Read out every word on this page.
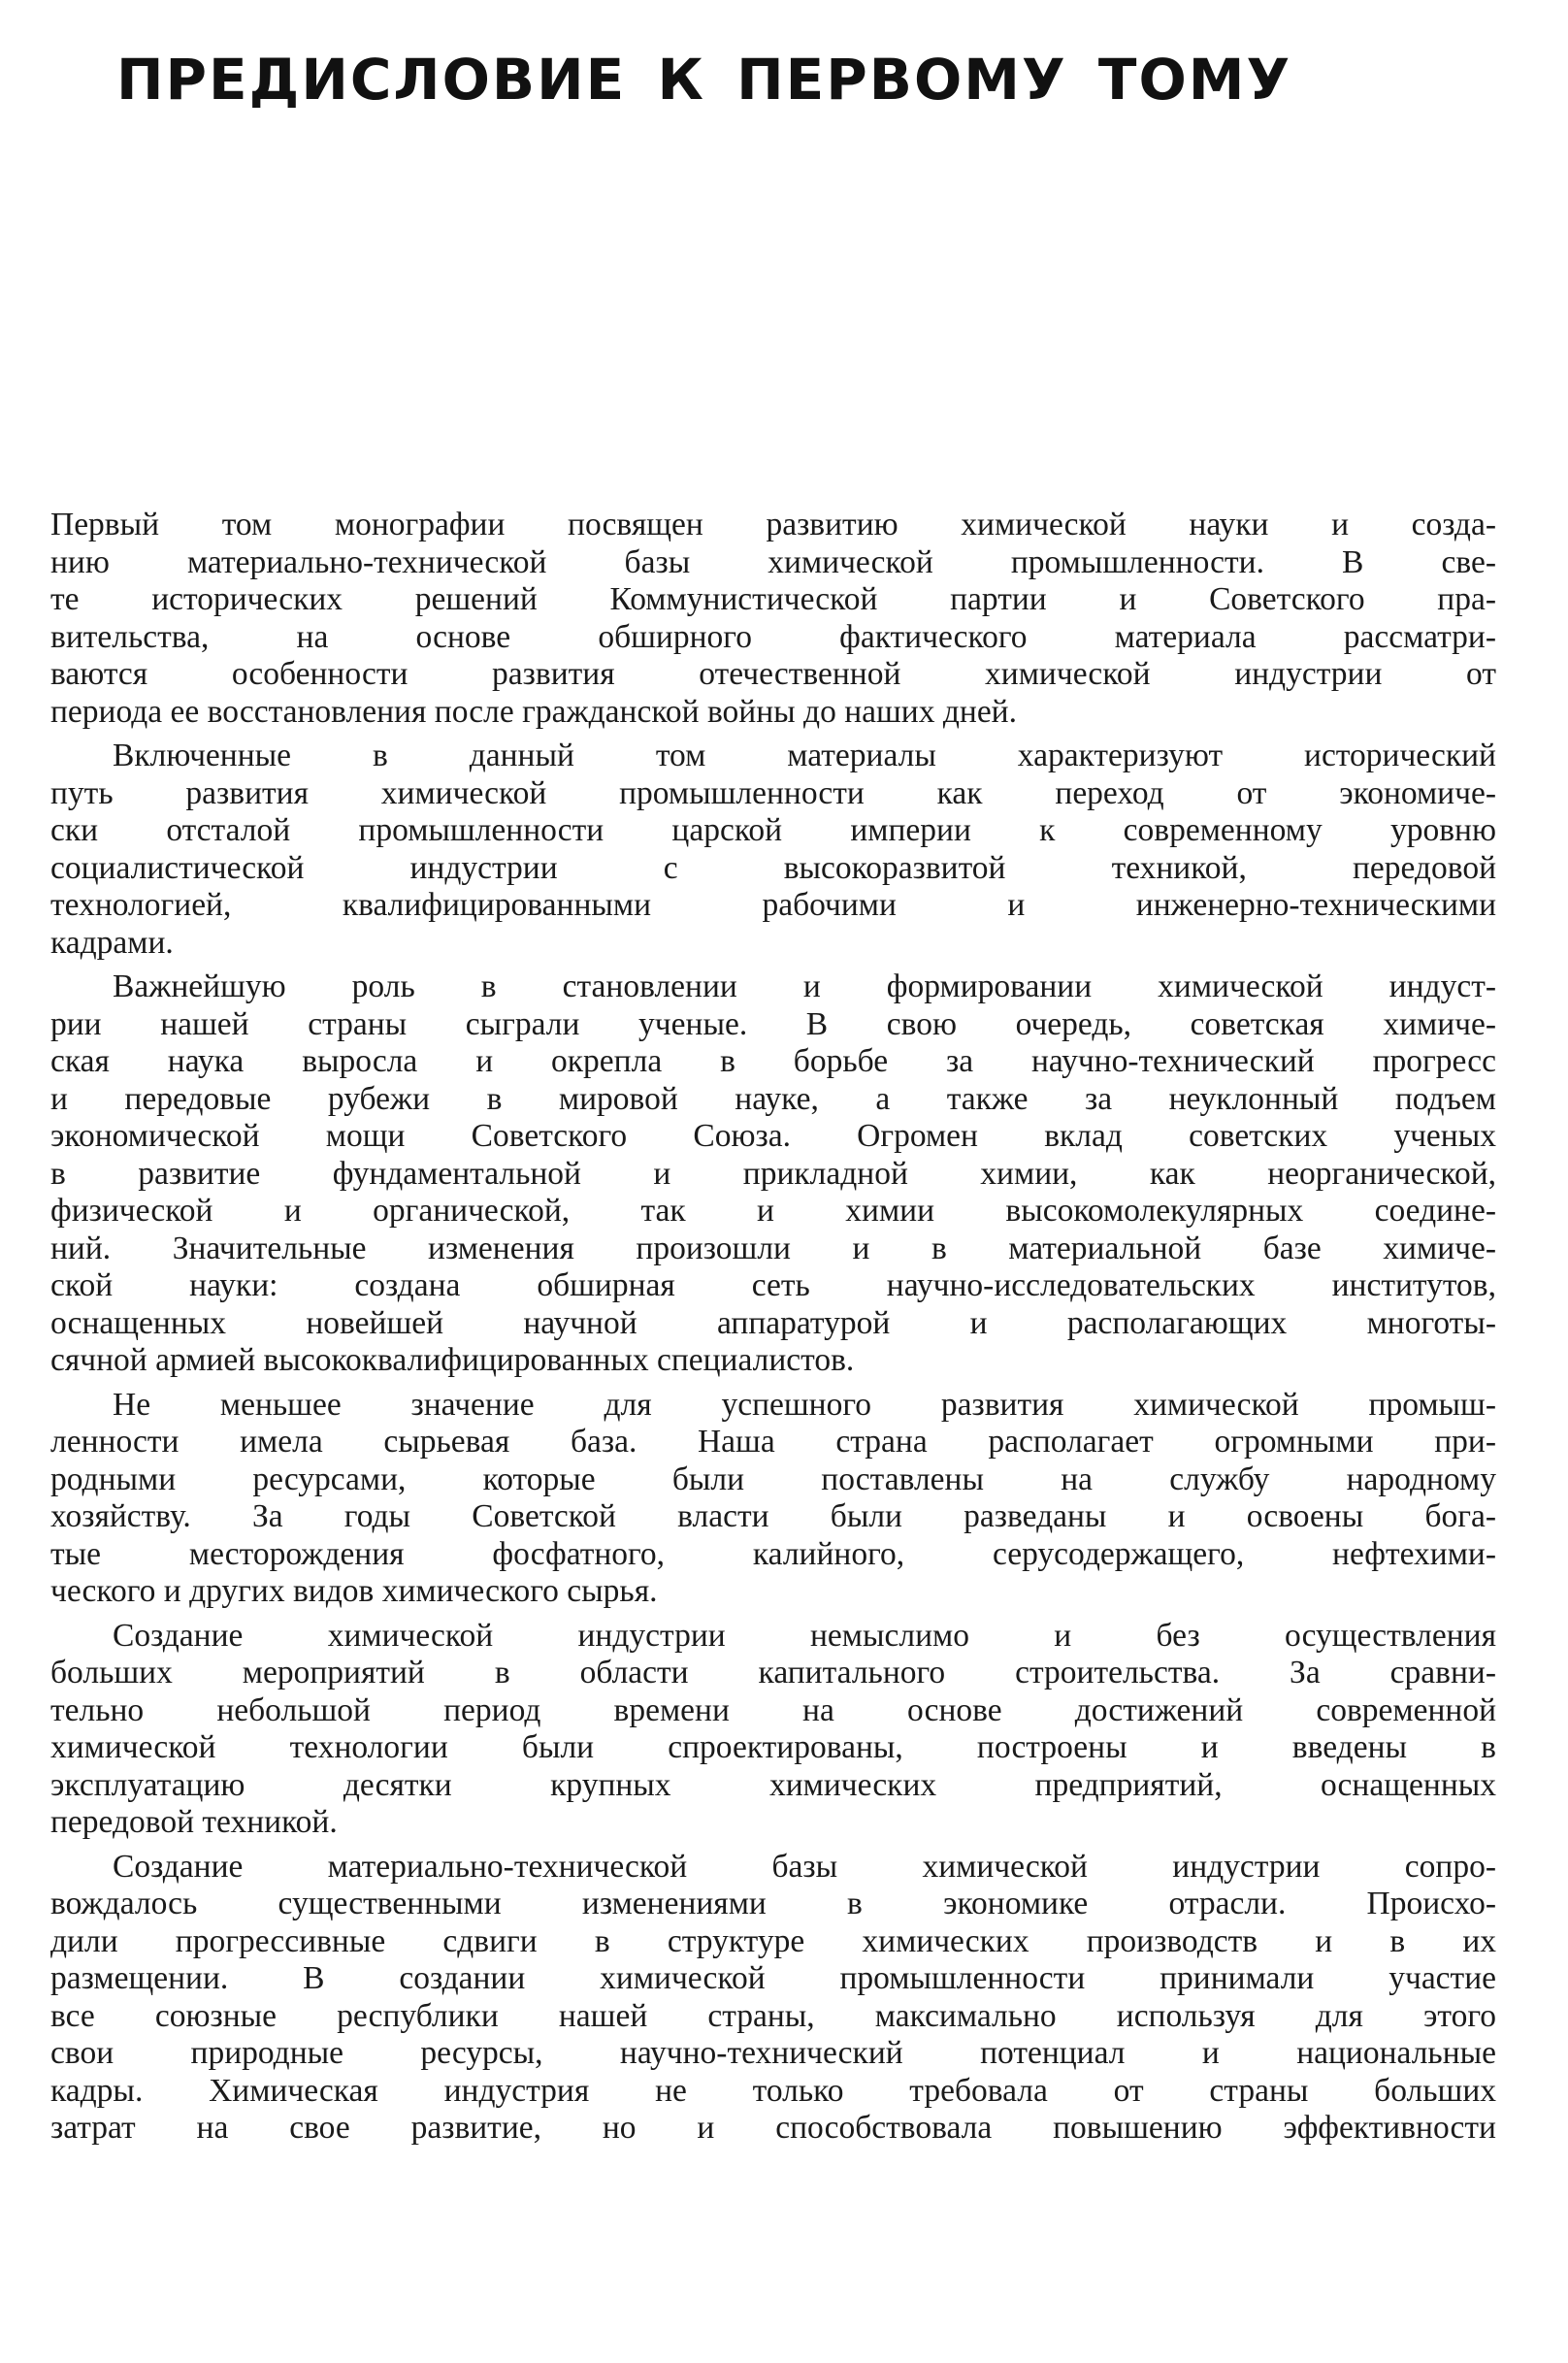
ПРЕДИСЛОВИЕ К ПЕРВОМУ ТОМУ
Первый том монографии посвящен развитию химической науки и созда-
нию материально-технической базы химической промышленности. В све-
те исторических решений Коммунистической партии и Советского пра-
вительства, на основе обширного фактического материала рассматри-
ваются особенности развития отечественной химической индустрии от
периода ее восстановления после гражданской войны до наших дней.
Включенные в данный том материалы характеризуют исторический
путь развития химической промышленности как переход от экономиче-
ски отсталой промышленности царской империи к современному уровню
социалистической индустрии с высокоразвитой техникой, передовой
технологией, квалифицированными рабочими и инженерно-техническими
кадрами.
Важнейшую роль в становлении и формировании химической индуст-
рии нашей страны сыграли ученые. В свою очередь, советская химиче-
ская наука выросла и окрепла в борьбе за научно-технический прогресс
и передовые рубежи в мировой науке, а также за неуклонный подъем
экономической мощи Советского Союза. Огромен вклад советских ученых
в развитие фундаментальной и прикладной химии, как неорганической,
физической и органической, так и химии высокомолекулярных соедине-
ний. Значительные изменения произошли и в материальной базе химиче-
ской науки: создана обширная сеть научно-исследовательских институтов,
оснащенных новейшей научной аппаратурой и располагающих многоты-
сячной армией высококвалифицированных специалистов.
Не меньшее значение для успешного развития химической промыш-
ленности имела сырьевая база. Наша страна располагает огромными при-
родными ресурсами, которые были поставлены на службу народному
хозяйству. За годы Советской власти были разведаны и освоены бога-
тые месторождения фосфатного, калийного, серусодержащего, нефтехими-
ческого и других видов химического сырья.
Создание химической индустрии немыслимо и без осуществления
больших мероприятий в области капитального строительства. За сравни-
тельно небольшой период времени на основе достижений современной
химической технологии были спроектированы, построены и введены в
эксплуатацию десятки крупных химических предприятий, оснащенных
передовой техникой.
Создание материально-технической базы химической индустрии сопро-
вождалось существенными изменениями в экономике отрасли. Происхо-
дили прогрессивные сдвиги в структуре химических производств и в их
размещении. В создании химической промышленности принимали участие
все союзные республики нашей страны, максимально используя для этого
свои природные ресурсы, научно-технический потенциал и национальные
кадры. Химическая индустрия не только требовала от страны больших
затрат на свое развитие, но и способствовала повышению эффективности
